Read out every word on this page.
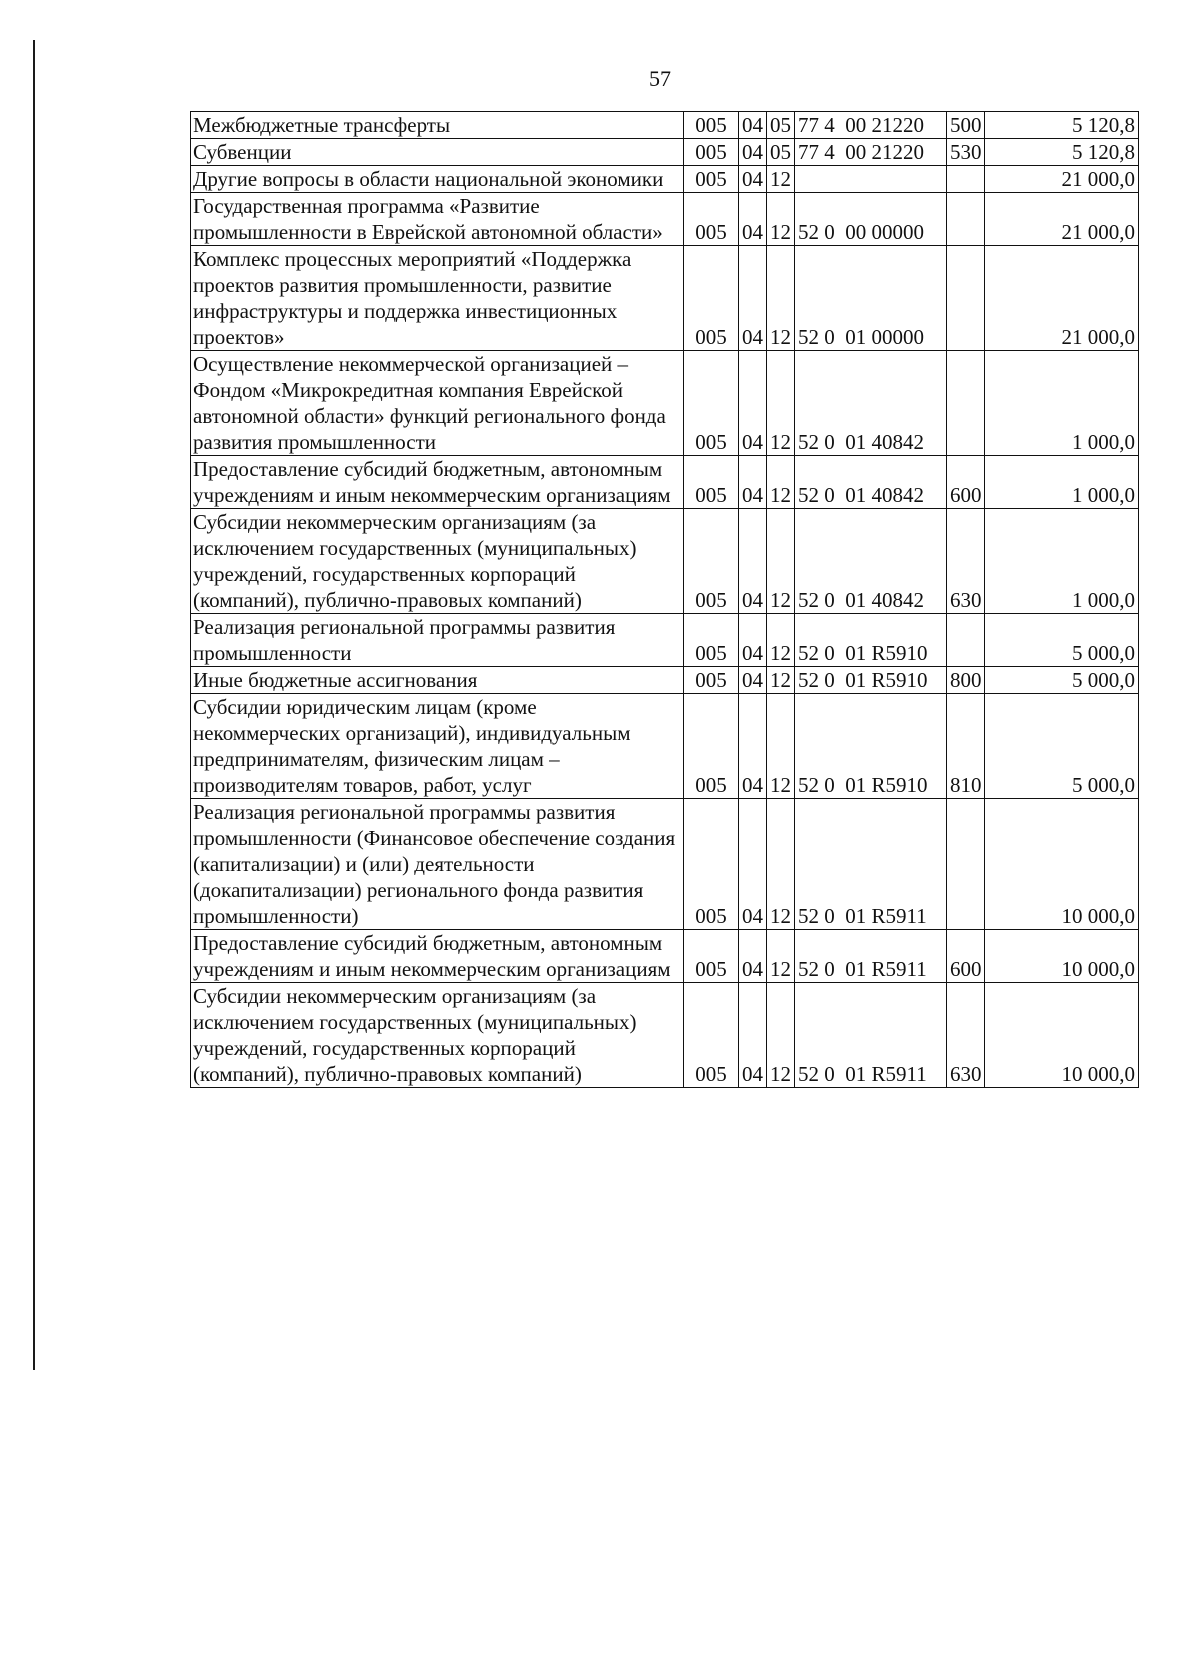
57
Межбюджетные трансферты	005	04	05	77 4  00 21220	500	5 120,8
Субвенции	005	04	05	77 4  00 21220	530	5 120,8
Другие вопросы в области национальной экономики	005	04	12			21 000,0
Государственная программа «Развитие промышленности в Еврейской автономной области»	005	04	12	52 0  00 00000		21 000,0
Комплекс процессных мероприятий «Поддержка проектов развития промышленности, развитие инфраструктуры и поддержка инвестиционных проектов»	005	04	12	52 0  01 00000		21 000,0
Осуществление некоммерческой организацией – Фондом «Микрокредитная компания Еврейской автономной области» функций регионального фонда развития промышленности	005	04	12	52 0  01 40842		1 000,0
Предоставление субсидий бюджетным, автономным учреждениям и иным некоммерческим организациям	005	04	12	52 0  01 40842	600	1 000,0
Субсидии некоммерческим организациям (за исключением государственных (муниципальных) учреждений, государственных корпораций (компаний), публично-правовых компаний)	005	04	12	52 0  01 40842	630	1 000,0
Реализация региональной программы развития промышленности	005	04	12	52 0  01 R5910		5 000,0
Иные бюджетные ассигнования	005	04	12	52 0  01 R5910	800	5 000,0
Субсидии юридическим лицам (кроме некоммерческих организаций), индивидуальным предпринимателям, физическим лицам – производителям товаров, работ, услуг	005	04	12	52 0  01 R5910	810	5 000,0
Реализация региональной программы развития промышленности (Финансовое обеспечение создания (капитализации) и (или) деятельности (докапитализации) регионального фонда развития промышленности)	005	04	12	52 0  01 R5911		10 000,0
Предоставление субсидий бюджетным, автономным учреждениям и иным некоммерческим организациям	005	04	12	52 0  01 R5911	600	10 000,0
Субсидии некоммерческим организациям (за исключением государственных (муниципальных) учреждений, государственных корпораций (компаний), публично-правовых компаний)	005	04	12	52 0  01 R5911	630	10 000,0
